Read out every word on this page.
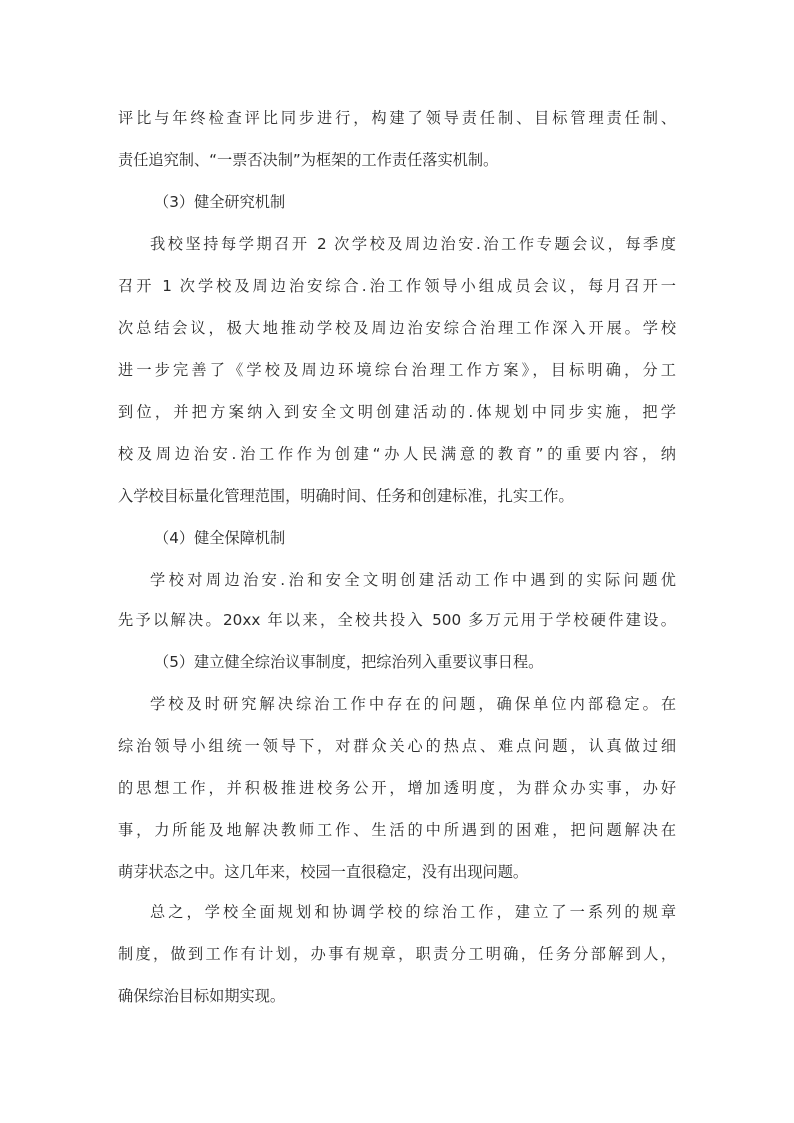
评比与年终检查评比同步进行，构建了领导责任制、目标管理责任制、
责任追究制、“一票否决制”为框架的工作责任落实机制。
（3）健全研究机制
我校坚持每学期召开 2 次学校及周边治安.治工作专题会议，每季度
召开 1 次学校及周边治安综合.治工作领导小组成员会议，每月召开一
次总结会议，极大地推动学校及周边治安综合治理工作深入开展。学校
进一步完善了《学校及周边环境综台治理工作方案》，目标明确，分工
到位，并把方案纳入到安全文明创建活动的.体规划中同步实施，把学
校及周边治安.治工作作为创建“办人民满意的教育”的重要内容，纳
入学校目标量化管理范围，明确时间、任务和创建标准，扎实工作。
（4）健全保障机制
学校对周边治安.治和安全文明创建活动工作中遇到的实际问题优
先予以解决。20xx 年以来，全校共投入 500 多万元用于学校硬件建设。
（5）建立健全综治议事制度，把综治列入重要议事日程。
学校及时研究解决综治工作中存在的问题，确保单位内部稳定。在
综治领导小组统一领导下，对群众关心的热点、难点问题，认真做过细
的思想工作，并积极推进校务公开，增加透明度，为群众办实事，办好
事，力所能及地解决教师工作、生活的中所遇到的困难，把问题解决在
萌芽状态之中。这几年来，校园一直很稳定，没有出现问题。
总之，学校全面规划和协调学校的综治工作，建立了一系列的规章
制度，做到工作有计划，办事有规章，职责分工明确，任务分部解到人，
确保综治目标如期实现。
